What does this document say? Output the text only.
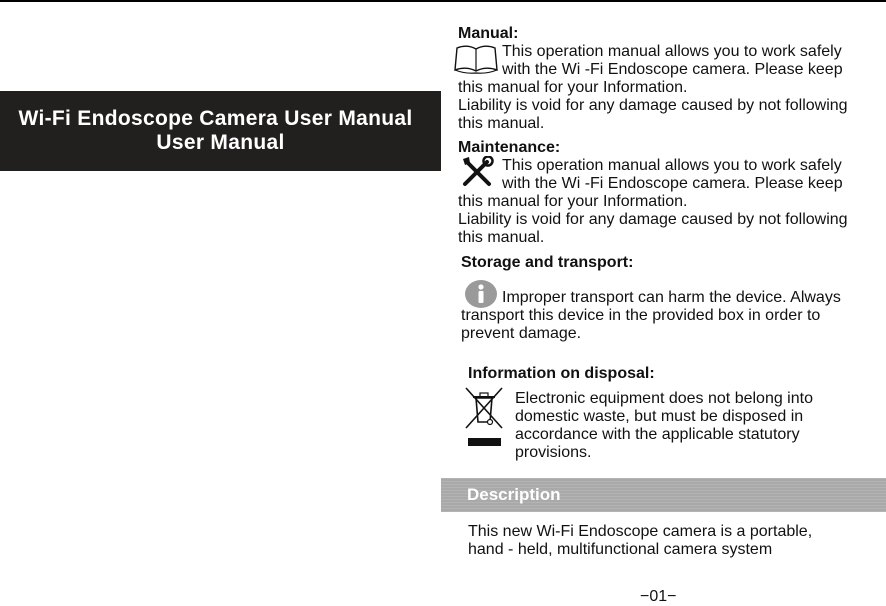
Wi-Fi Endoscope Camera User Manual
User Manual
Manual:
This operation manual allows you to work safely
with the Wi -Fi Endoscope camera. Please keep
this manual for your Information.
Liability is void for any damage caused by not following
this manual.
Maintenance:
This operation manual allows you to work safely
with the Wi -Fi Endoscope camera. Please keep
this manual for your Information.
Liability is void for any damage caused by not following
this manual.
Storage and transport:
Improper transport can harm the device. Always
transport this device in the provided box in order to
prevent damage.
Information on disposal:
Electronic equipment does not belong into
domestic waste, but must be disposed in
accordance with the applicable statutory
provisions.
Description
This new Wi-Fi Endoscope camera is a portable,
hand - held, multifunctional camera system
−01−
